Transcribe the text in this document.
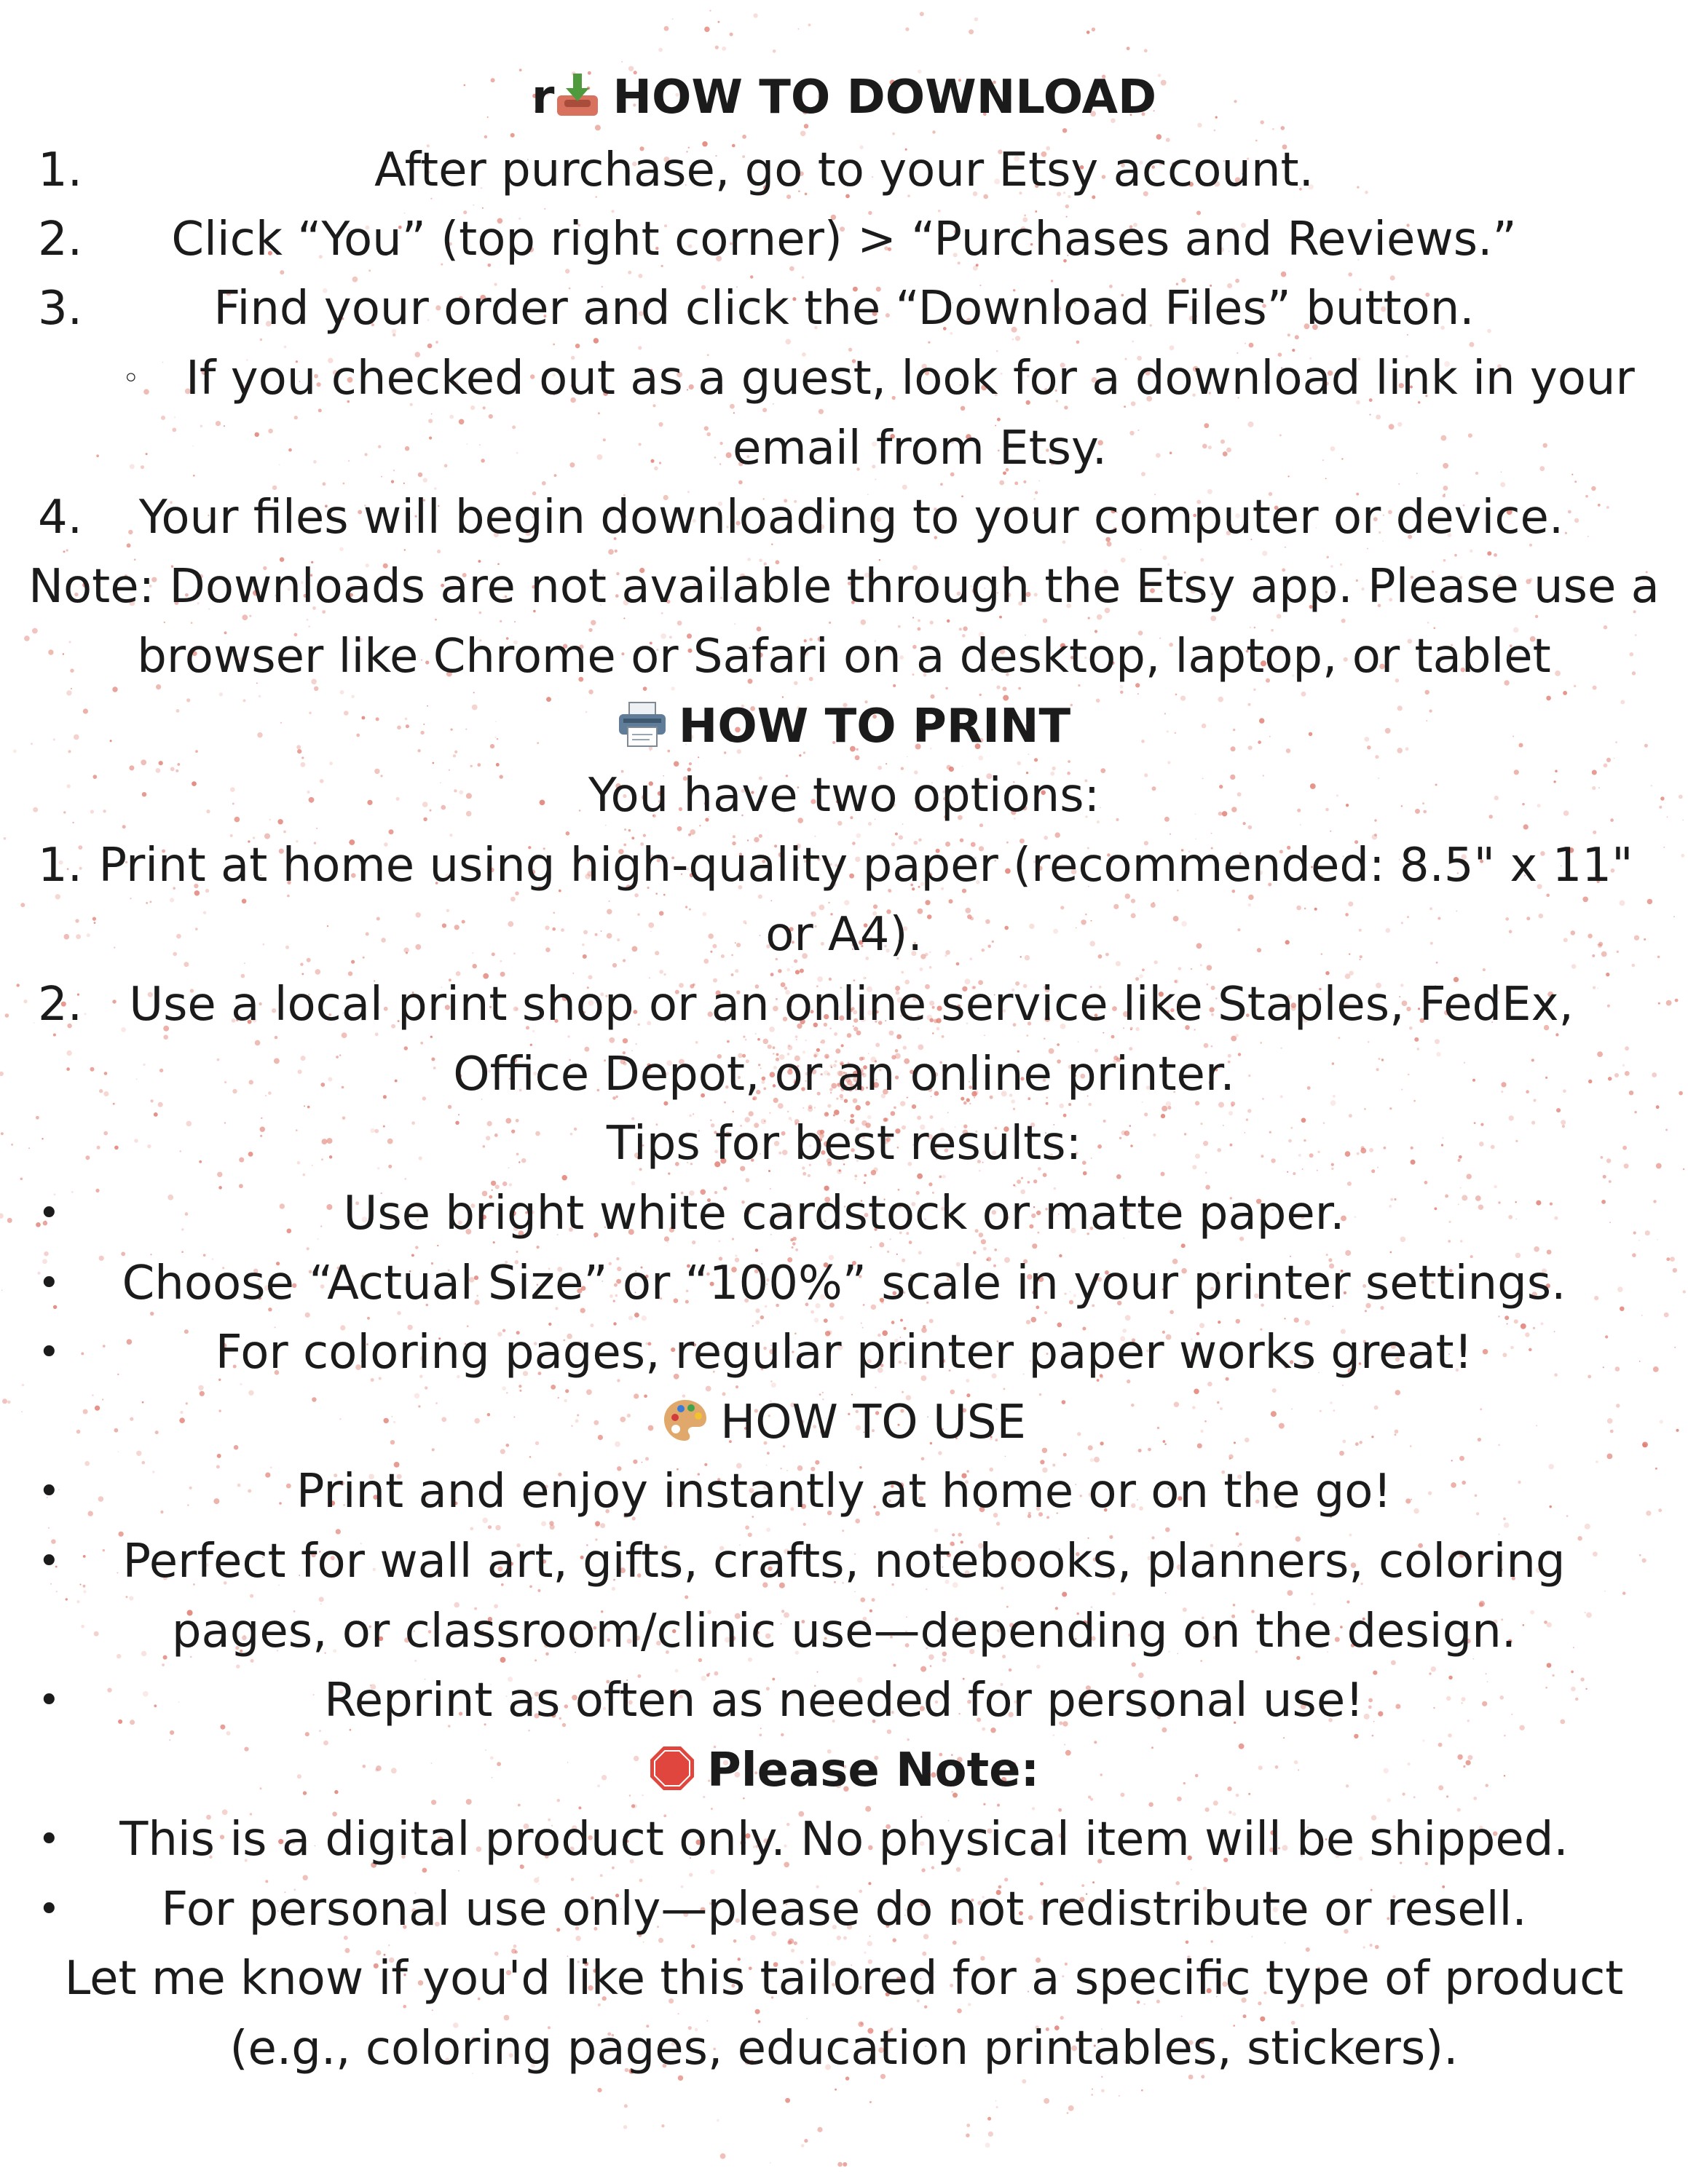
r HOW TO DOWNLOAD
1.	After purchase, go to your Etsy account.
2.	Click “You” (top right corner) > “Purchases and Reviews.”
3.	Find your order and click the “Download Files” button.
◦ If you checked out as a guest, look for a download link in your
email from Etsy.
4.	Your files will begin downloading to your computer or device.
Note: Downloads are not available through the Etsy app. Please use a
browser like Chrome or Safari on a desktop, laptop, or tablet
HOW TO PRINT
You have two options:
1. Print at home using high-quality paper (recommended: 8.5" x 11"
or A4).
2.	Use a local print shop or an online service like Staples, FedEx,
Office Depot, or an online printer.
Tips for best results:
•	Use bright white cardstock or matte paper.
• Choose “Actual Size” or “100%” scale in your printer settings.
•	For coloring pages, regular printer paper works great!
HOW TO USE
•	Print and enjoy instantly at home or on the go!
• Perfect for wall art, gifts, crafts, notebooks, planners, coloring
pages, or classroom/clinic use—depending on the design.
•	Reprint as often as needed for personal use!
Please Note:
• This is a digital product only. No physical item will be shipped.
• For personal use only—please do not redistribute or resell.
Let me know if you'd like this tailored for a specific type of product
(e.g., coloring pages, education printables, stickers).
